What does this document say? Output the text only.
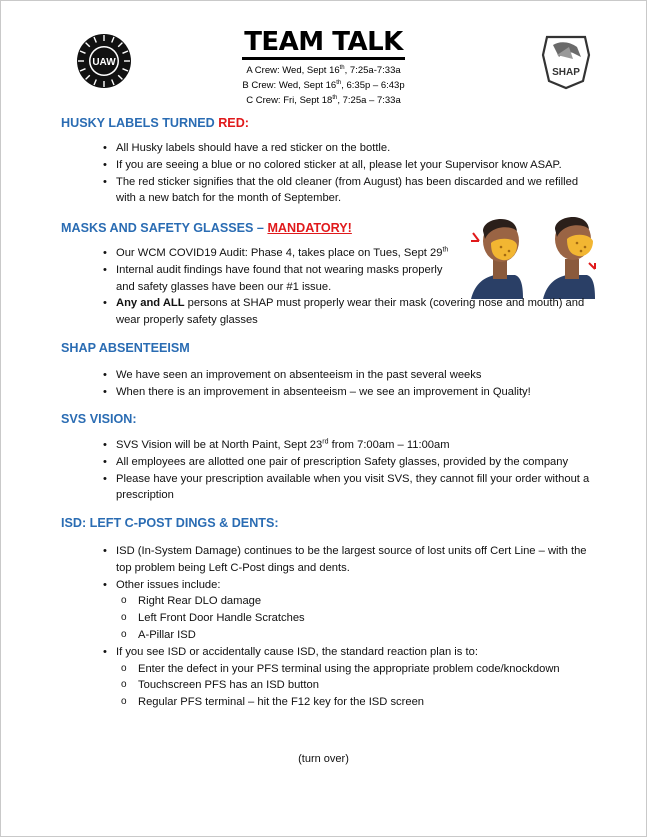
UAW
SHAP
TEAM TALK
A Crew: Wed, Sept 16th, 7:25a-7:33a
B Crew: Wed, Sept 16th, 6:35p – 6:43p
C Crew: Fri, Sept 18th, 7:25a – 7:33a
HUSKY LABELS TURNED RED:
• All Husky labels should have a red sticker on the bottle.
• If you are seeing a blue or no colored sticker at all, please let your Supervisor know ASAP.
• The red sticker signifies that the old cleaner (from August) has been discarded and we refilled with a new batch for the month of September.
MASKS AND SAFETY GLASSES – MANDATORY!
• Our WCM COVID19 Audit: Phase 4, takes place on Tues, Sept 29th
• Internal audit findings have found that not wearing masks properly and safety glasses have been our #1 issue.
• Any and ALL persons at SHAP must properly wear their mask (covering nose and mouth) and wear properly safety glasses
SHAP ABSENTEEISM
• We have seen an improvement on absenteeism in the past several weeks
• When there is an improvement in absenteeism – we see an improvement in Quality!
SVS VISION:
• SVS Vision will be at North Paint, Sept 23rd from 7:00am – 11:00am
• All employees are allotted one pair of prescription Safety glasses, provided by the company
• Please have your prescription available when you visit SVS, they cannot fill your order without a prescription
ISD: LEFT C-POST DINGS & DENTS:
• ISD (In-System Damage) continues to be the largest source of lost units off Cert Line – with the top problem being Left C-Post dings and dents.
• Other issues include:
o Right Rear DLO damage
o Left Front Door Handle Scratches
o A-Pillar ISD
• If you see ISD or accidentally cause ISD, the standard reaction plan is to:
o Enter the defect in your PFS terminal using the appropriate problem code/knockdown
o Touchscreen PFS has an ISD button
o Regular PFS terminal – hit the F12 key for the ISD screen
(turn over)
